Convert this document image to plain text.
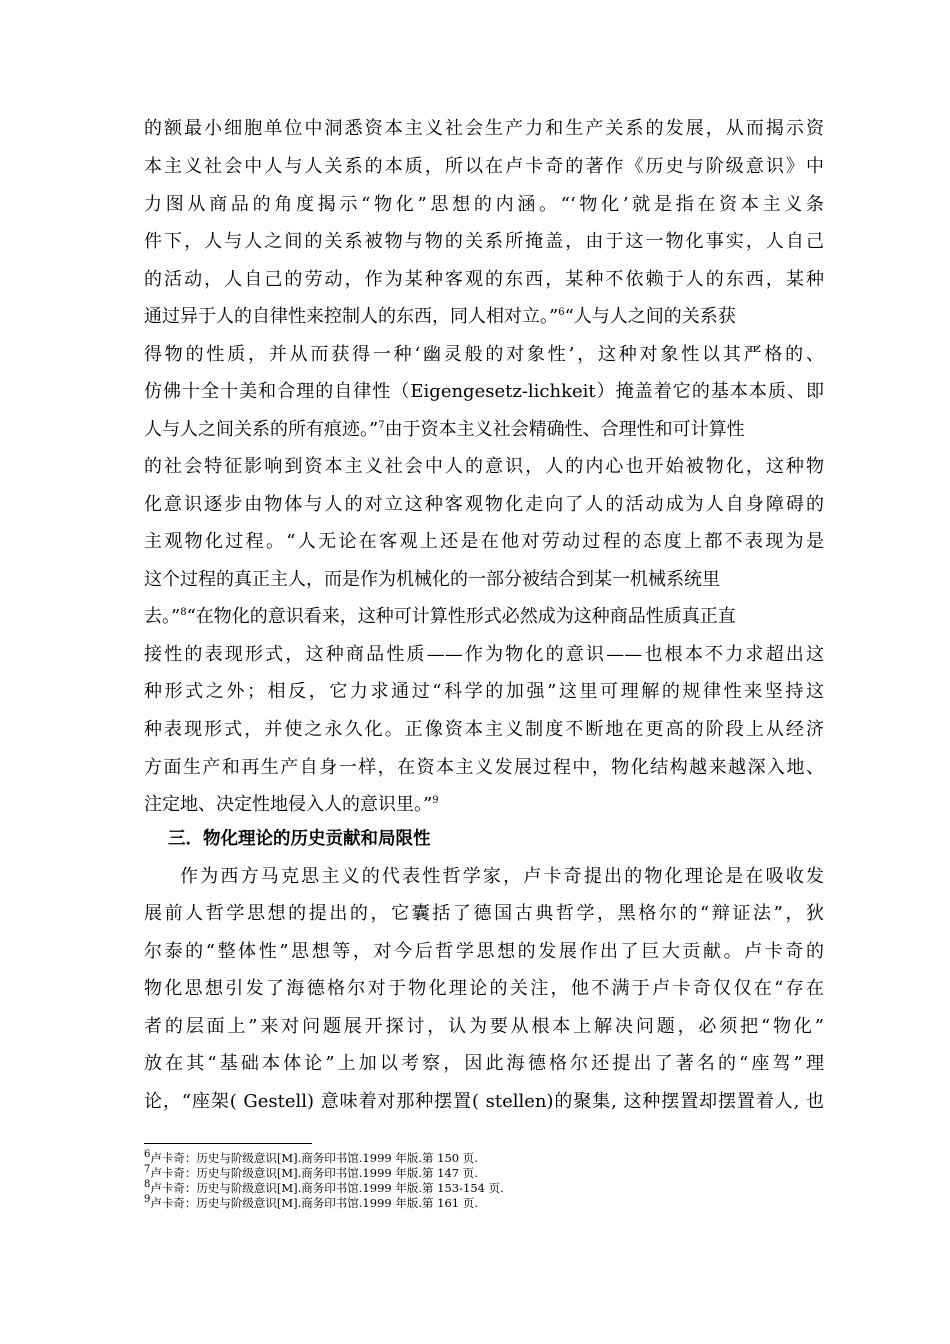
的额最小细胞单位中洞悉资本主义社会生产力和生产关系的发展，从而揭示资
本主义社会中人与人关系的本质，所以在卢卡奇的著作《历史与阶级意识》中
力图从商品的角度揭示“物化”思想的内涵。“‘物化’就是指在资本主义条
件下，人与人之间的关系被物与物的关系所掩盖，由于这一物化事实，人自己
的活动，人自己的劳动，作为某种客观的东西，某种不依赖于人的东西，某种
通过异于人的自律性来控制人的东西，同人相对立。”$^6$“人与人之间的关系获
得物的性质，并从而获得一种‘幽灵般的对象性’，这种对象性以其严格的、
仿佛十全十美和合理的自律性（Eigengesetz-lichkeit）掩盖着它的基本本质、即
人与人之间关系的所有痕迹。”$^7$由于资本主义社会精确性、合理性和可计算性
的社会特征影响到资本主义社会中人的意识，人的内心也开始被物化，这种物
化意识逐步由物体与人的对立这种客观物化走向了人的活动成为人自身障碍的
主观物化过程。“人无论在客观上还是在他对劳动过程的态度上都不表现为是
这个过程的真正主人，而是作为机械化的一部分被结合到某一机械系统里
去。”$^8$“在物化的意识看来，这种可计算性形式必然成为这种商品性质真正直
接性的表现形式，这种商品性质——作为物化的意识——也根本不力求超出这
种形式之外；相反，它力求通过“科学的加强”这里可理解的规律性来坚持这
种表现形式，并使之永久化。正像资本主义制度不断地在更高的阶段上从经济
方面生产和再生产自身一样，在资本主义发展过程中，物化结构越来越深入地、
注定地、决定性地侵入人的意识里。”$^9$
三．物化理论的历史贡献和局限性
作为西方马克思主义的代表性哲学家，卢卡奇提出的物化理论是在吸收发
展前人哲学思想的提出的，它囊括了德国古典哲学，黑格尔的“辩证法”，狄
尔泰的“整体性”思想等，对今后哲学思想的发展作出了巨大贡献。卢卡奇的
物化思想引发了海德格尔对于物化理论的关注，他不满于卢卡奇仅仅在“存在
者的层面上”来对问题展开探讨，认为要从根本上解决问题，必须把“物化”
放在其“基础本体论”上加以考察，因此海德格尔还提出了著名的“座驾”理
论，“座架( Gestell) 意味着对那种摆置( stellen)的聚集, 这种摆置却摆置着人, 也
6卢卡奇：历史与阶级意识[M].商务印书馆.1999 年版.第 150 页.
7卢卡奇：历史与阶级意识[M].商务印书馆.1999 年版.第 147 页.
8卢卡奇：历史与阶级意识[M].商务印书馆.1999 年版.第 153-154 页.
9卢卡奇：历史与阶级意识[M].商务印书馆.1999 年版.第 161 页.
